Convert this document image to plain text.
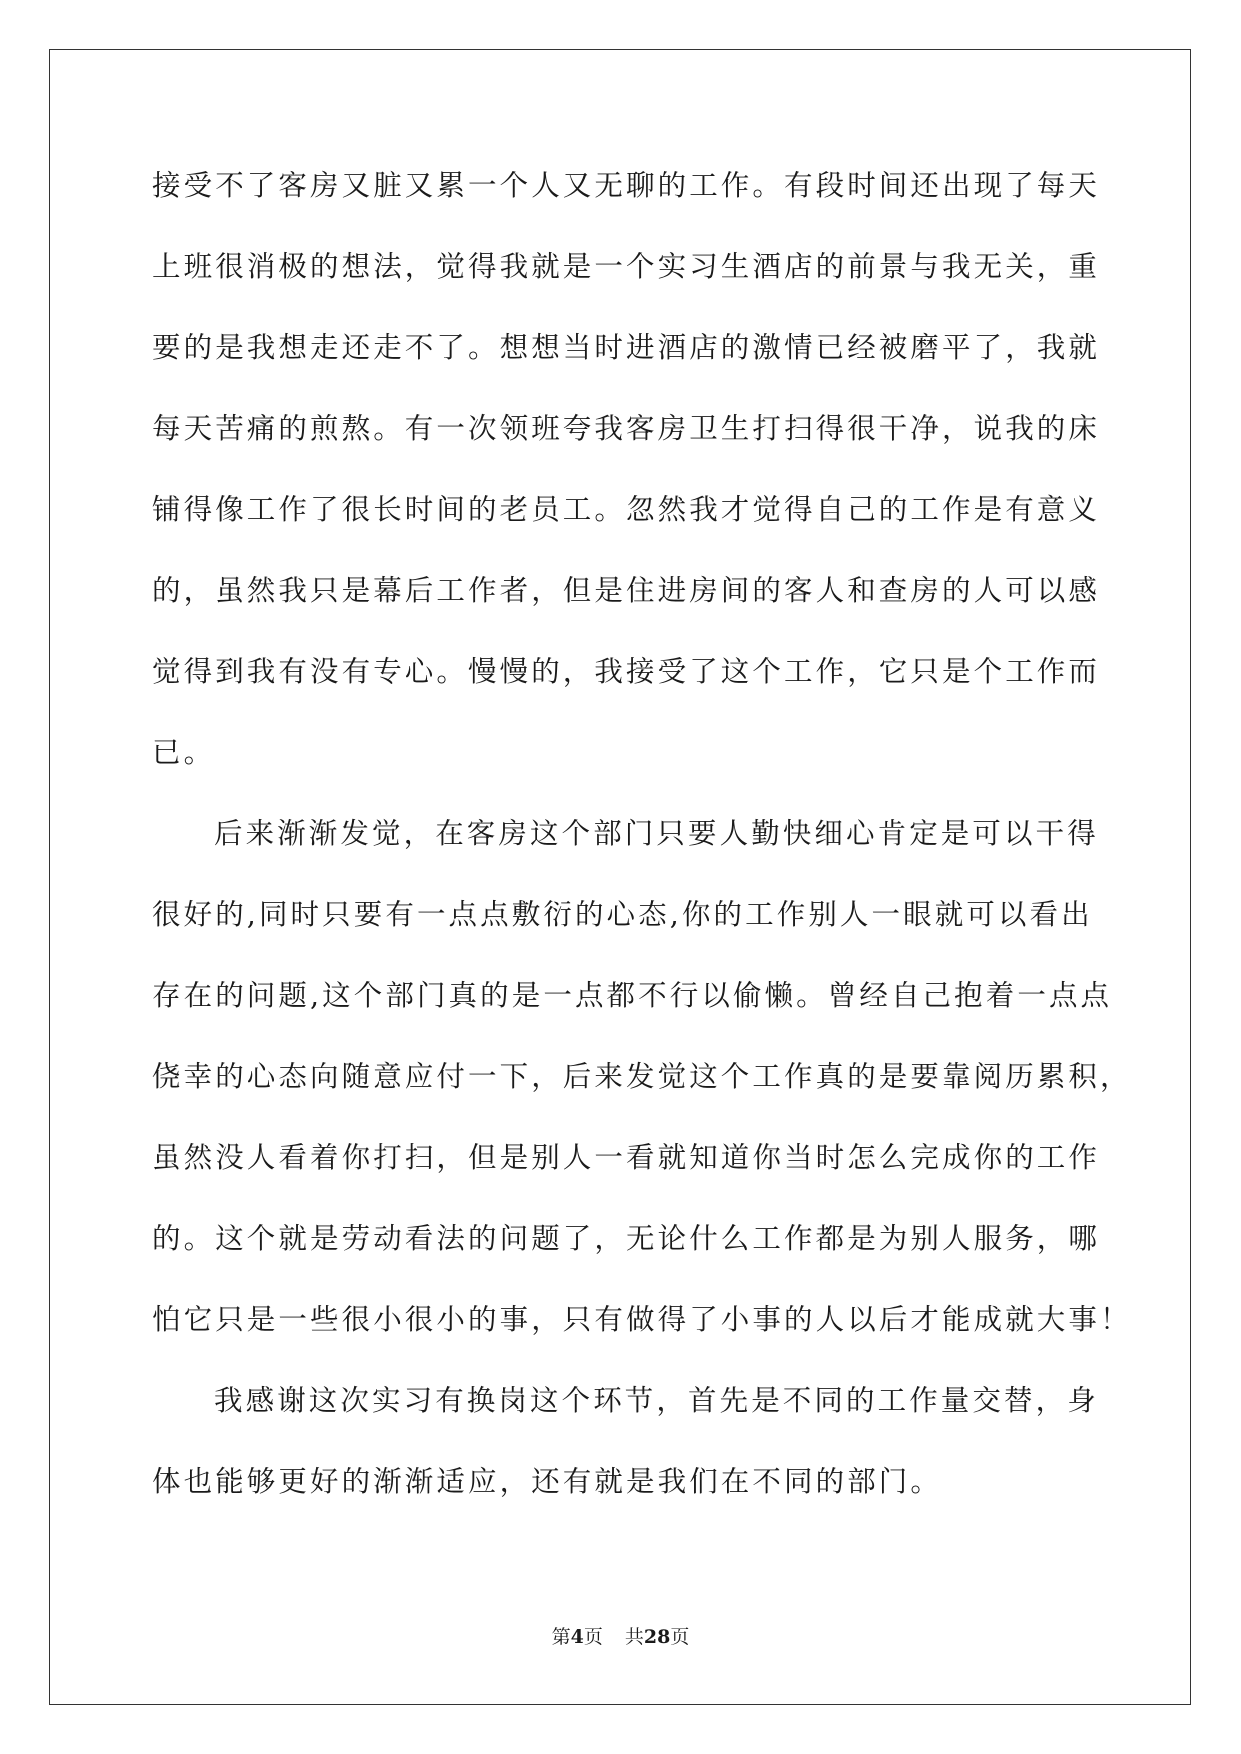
接受不了客房又脏又累一个人又无聊的工作。有段时间还出现了每天
上班很消极的想法，觉得我就是一个实习生酒店的前景与我无关，重
要的是我想走还走不了。想想当时进酒店的激情已经被磨平了，我就
每天苦痛的煎熬。有一次领班夸我客房卫生打扫得很干净，说我的床
铺得像工作了很长时间的老员工。忽然我才觉得自己的工作是有意义
的，虽然我只是幕后工作者，但是住进房间的客人和查房的人可以感
觉得到我有没有专心。慢慢的，我接受了这个工作，它只是个工作而
已。
后来渐渐发觉，在客房这个部门只要人勤快细心肯定是可以干得
很好的,同时只要有一点点敷衍的心态,你的工作别人一眼就可以看出
存在的问题,这个部门真的是一点都不行以偷懒。曾经自己抱着一点点
侥幸的心态向随意应付一下，后来发觉这个工作真的是要靠阅历累积，
虽然没人看着你打扫，但是别人一看就知道你当时怎么完成你的工作
的。这个就是劳动看法的问题了，无论什么工作都是为别人服务，哪
怕它只是一些很小很小的事，只有做得了小事的人以后才能成就大事！
我感谢这次实习有换岗这个环节，首先是不同的工作量交替，身
体也能够更好的渐渐适应，还有就是我们在不同的部门。
第4页 共28页
